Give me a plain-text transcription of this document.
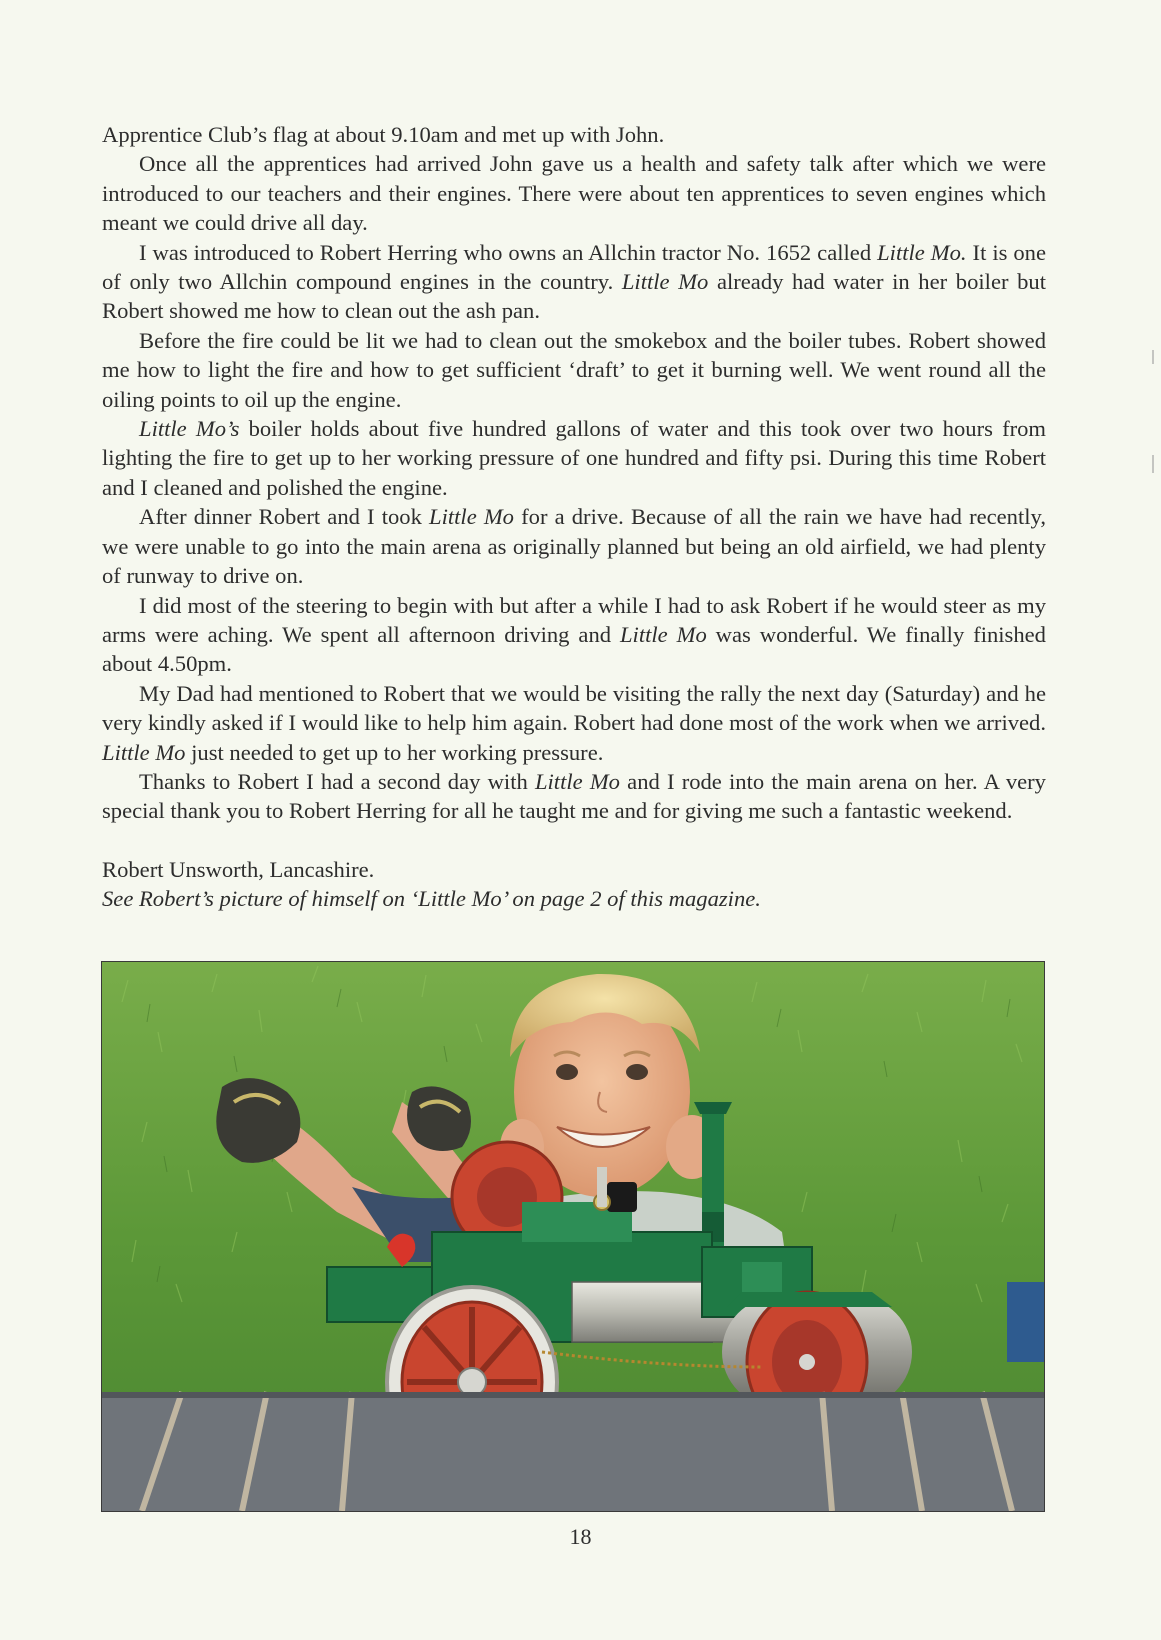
Apprentice Club’s flag at about 9.10am and met up with John.

Once all the apprentices had arrived John gave us a health and safety talk after which we were introduced to our teachers and their engines. There were about ten apprentices to seven engines which meant we could drive all day.

I was introduced to Robert Herring who owns an Allchin tractor No. 1652 called Little Mo. It is one of only two Allchin compound engines in the country. Little Mo already had water in her boiler but Robert showed me how to clean out the ash pan.

Before the fire could be lit we had to clean out the smokebox and the boiler tubes. Robert showed me how to light the fire and how to get sufficient ‘draft’ to get it burning well. We went round all the oiling points to oil up the engine.

Little Mo’s boiler holds about five hundred gallons of water and this took over two hours from lighting the fire to get up to her working pressure of one hundred and fifty psi. During this time Robert and I cleaned and polished the engine.

After dinner Robert and I took Little Mo for a drive. Because of all the rain we have had recently, we were unable to go into the main arena as originally planned but being an old airfield, we had plenty of runway to drive on.

I did most of the steering to begin with but after a while I had to ask Robert if he would steer as my arms were aching. We spent all afternoon driving and Little Mo was wonderful. We finally finished about 4.50pm.

My Dad had mentioned to Robert that we would be visiting the rally the next day (Saturday) and he very kindly asked if I would like to help him again. Robert had done most of the work when we arrived. Little Mo just needed to get up to her working pressure.

Thanks to Robert I had a second day with Little Mo and I rode into the main arena on her. A very special thank you to Robert Herring for all he taught me and for giving me such a fantastic weekend.

Robert Unsworth, Lancashire.

See Robert’s picture of himself on ‘Little Mo’ on page 2 of this magazine.

18
